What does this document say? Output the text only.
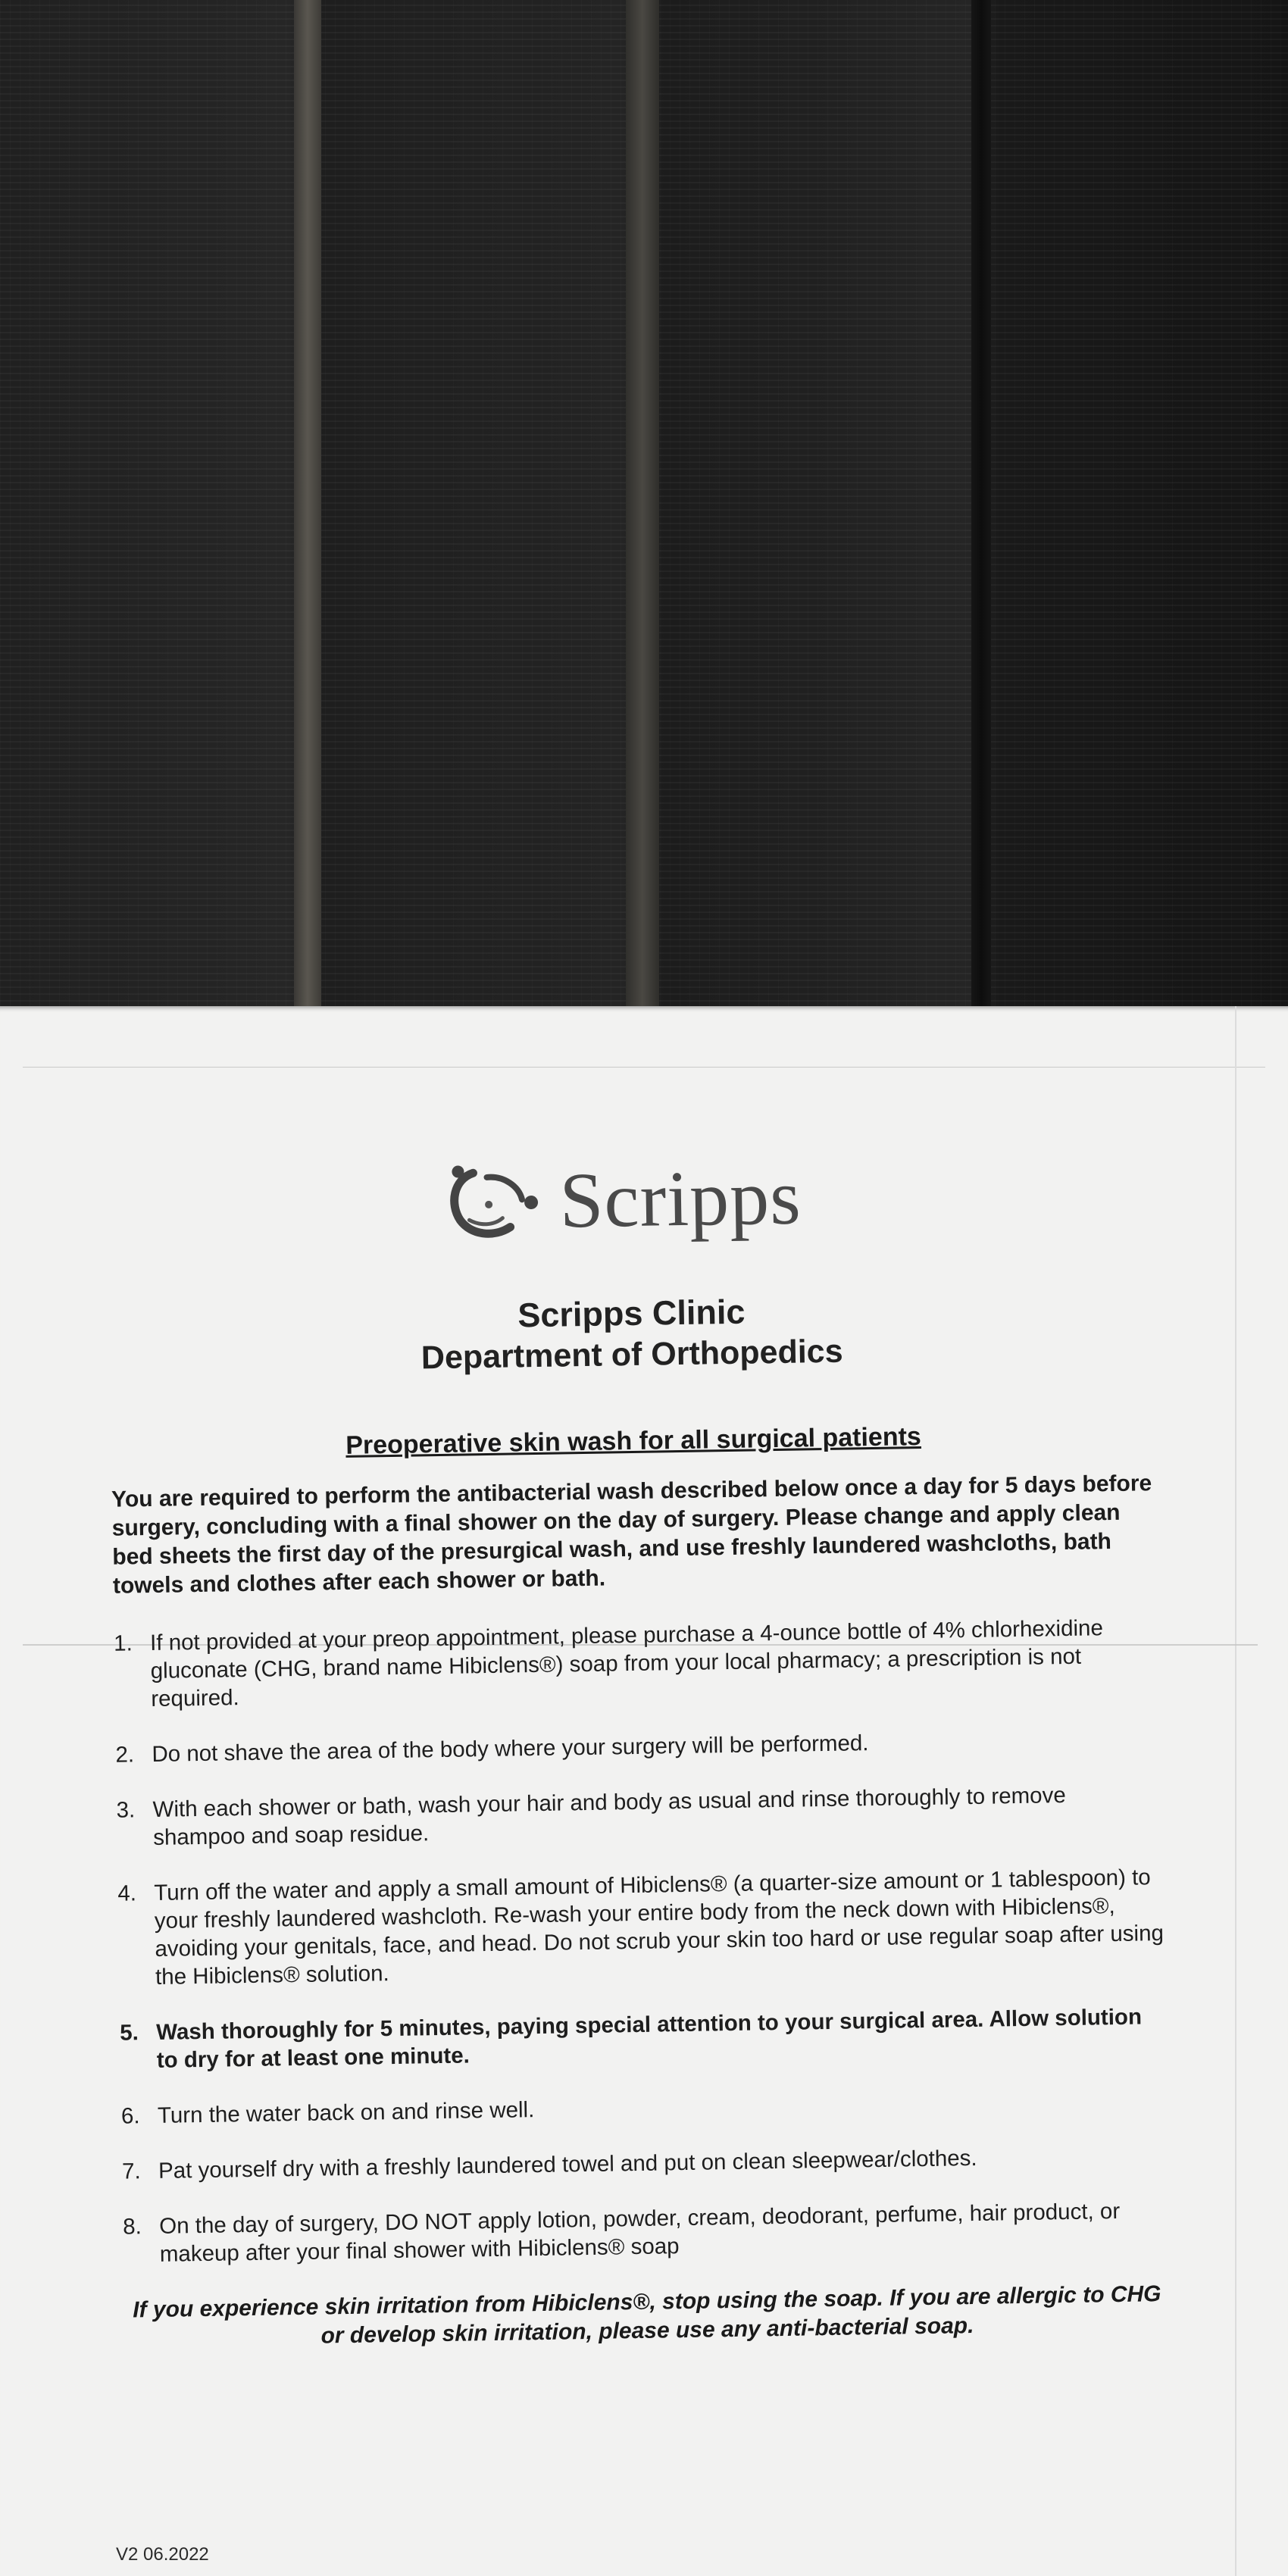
Scripps
Scripps Clinic
Department of Orthopedics
Preoperative skin wash for all surgical patients
You are required to perform the antibacterial wash described below once a day for 5 days before surgery, concluding with a final shower on the day of surgery. Please change and apply clean bed sheets the first day of the presurgical wash, and use freshly laundered washcloths, bath towels and clothes after each shower or bath.
1. If not provided at your preop appointment, please purchase a 4-ounce bottle of 4% chlorhexidine gluconate (CHG, brand name Hibiclens®) soap from your local pharmacy; a prescription is not required.
2. Do not shave the area of the body where your surgery will be performed.
3. With each shower or bath, wash your hair and body as usual and rinse thoroughly to remove shampoo and soap residue.
4. Turn off the water and apply a small amount of Hibiclens® (a quarter-size amount or 1 tablespoon) to your freshly laundered washcloth. Re-wash your entire body from the neck down with Hibiclens®, avoiding your genitals, face, and head. Do not scrub your skin too hard or use regular soap after using the Hibiclens® solution.
5. Wash thoroughly for 5 minutes, paying special attention to your surgical area. Allow solution to dry for at least one minute.
6. Turn the water back on and rinse well.
7. Pat yourself dry with a freshly laundered towel and put on clean sleepwear/clothes.
8. On the day of surgery, DO NOT apply lotion, powder, cream, deodorant, perfume, hair product, or makeup after your final shower with Hibiclens® soap
If you experience skin irritation from Hibiclens®, stop using the soap. If you are allergic to CHG or develop skin irritation, please use any anti-bacterial soap.
V2 06.2022
